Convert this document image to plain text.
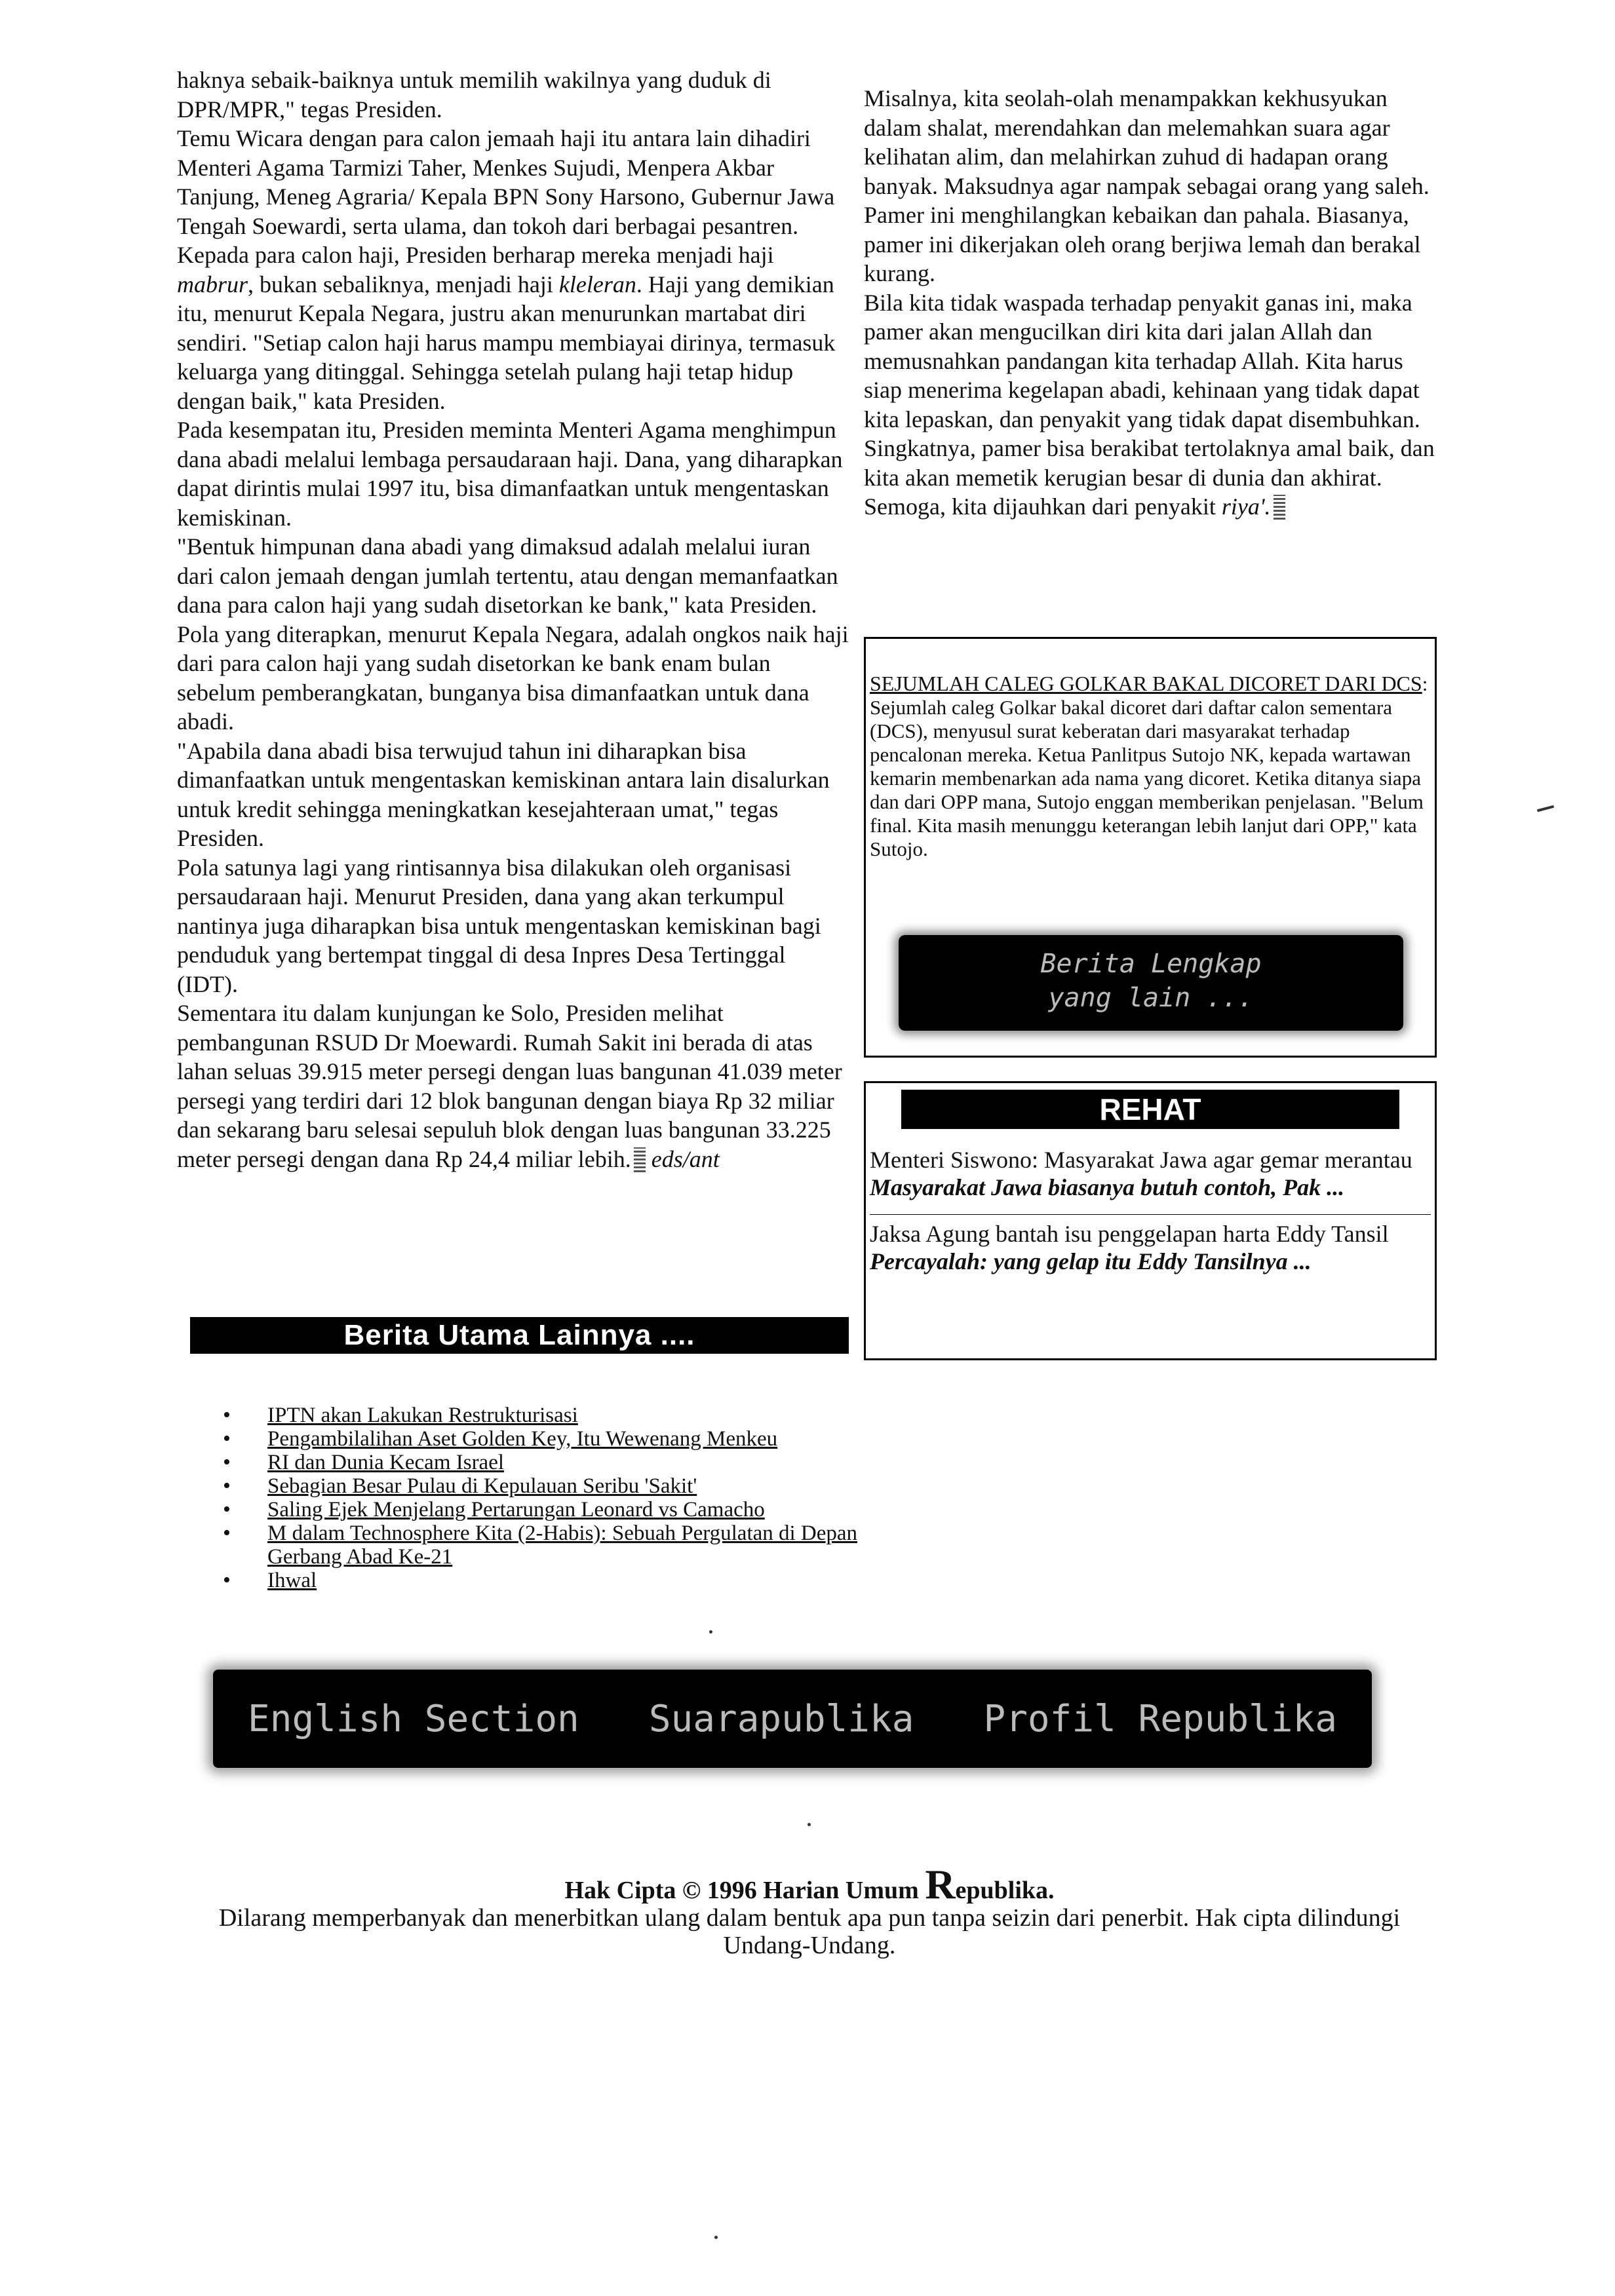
haknya sebaik-baiknya untuk memilih wakilnya yang duduk di DPR/MPR," tegas Presiden.

Temu Wicara dengan para calon jemaah haji itu antara lain dihadiri Menteri Agama Tarmizi Taher, Menkes Sujudi, Menpera Akbar Tanjung, Meneg Agraria/ Kepala BPN Sony Harsono, Gubernur Jawa Tengah Soewardi, serta ulama, dan tokoh dari berbagai pesantren.

Kepada para calon haji, Presiden berharap mereka menjadi haji mabrur, bukan sebaliknya, menjadi haji kleleran. Haji yang demikian itu, menurut Kepala Negara, justru akan menurunkan martabat diri sendiri. "Setiap calon haji harus mampu membiayai dirinya, termasuk keluarga yang ditinggal. Sehingga setelah pulang haji tetap hidup dengan baik," kata Presiden.

Pada kesempatan itu, Presiden meminta Menteri Agama menghimpun dana abadi melalui lembaga persaudaraan haji. Dana, yang diharapkan dapat dirintis mulai 1997 itu, bisa dimanfaatkan untuk mengentaskan kemiskinan.

"Bentuk himpunan dana abadi yang dimaksud adalah melalui iuran dari calon jemaah dengan jumlah tertentu, atau dengan memanfaatkan dana para calon haji yang sudah disetorkan ke bank," kata Presiden.

Pola yang diterapkan, menurut Kepala Negara, adalah ongkos naik haji dari para calon haji yang sudah disetorkan ke bank enam bulan sebelum pemberangkatan, bunganya bisa dimanfaatkan untuk dana abadi.

"Apabila dana abadi bisa terwujud tahun ini diharapkan bisa dimanfaatkan untuk mengentaskan kemiskinan antara lain disalurkan untuk kredit sehingga meningkatkan kesejahteraan umat," tegas Presiden.

Pola satunya lagi yang rintisannya bisa dilakukan oleh organisasi persaudaraan haji. Menurut Presiden, dana yang akan terkumpul nantinya juga diharapkan bisa untuk mengentaskan kemiskinan bagi penduduk yang bertempat tinggal di desa Inpres Desa Tertinggal (IDT).

Sementara itu dalam kunjungan ke Solo, Presiden melihat pembangunan RSUD Dr Moewardi. Rumah Sakit ini berada di atas lahan seluas 39.915 meter persegi dengan luas bangunan 41.039 meter persegi yang terdiri dari 12 blok bangunan dengan biaya Rp 32 miliar dan sekarang baru selesai sepuluh blok dengan luas bangunan 33.225 meter persegi dengan dana Rp 24,4 miliar lebih. eds/ant

Misalnya, kita seolah-olah menampakkan kekhusyukan dalam shalat, merendahkan dan melemahkan suara agar kelihatan alim, dan melahirkan zuhud di hadapan orang banyak. Maksudnya agar nampak sebagai orang yang saleh. Pamer ini menghilangkan kebaikan dan pahala. Biasanya, pamer ini dikerjakan oleh orang berjiwa lemah dan berakal kurang.

Bila kita tidak waspada terhadap penyakit ganas ini, maka pamer akan mengucilkan diri kita dari jalan Allah dan memusnahkan pandangan kita terhadap Allah. Kita harus siap menerima kegelapan abadi, kehinaan yang tidak dapat kita lepaskan, dan penyakit yang tidak dapat disembuhkan. Singkatnya, pamer bisa berakibat tertolaknya amal baik, dan kita akan memetik kerugian besar di dunia dan akhirat. Semoga, kita dijauhkan dari penyakit riya'.

SEJUMLAH CALEG GOLKAR BAKAL DICORET DARI DCS: Sejumlah caleg Golkar bakal dicoret dari daftar calon sementara (DCS), menyusul surat keberatan dari masyarakat terhadap pencalonan mereka. Ketua Panlitpus Sutojo NK, kepada wartawan kemarin membenarkan ada nama yang dicoret. Ketika ditanya siapa dan dari OPP mana, Sutojo enggan memberikan penjelasan. "Belum final. Kita masih menunggu keterangan lebih lanjut dari OPP," kata Sutojo.
Berita Lengkap
yang lain ...
REHAT
Menteri Siswono: Masyarakat Jawa agar gemar merantau
Masyarakat Jawa biasanya butuh contoh, Pak ...
Jaksa Agung bantah isu penggelapan harta Eddy Tansil
Percayalah: yang gelap itu Eddy Tansilnya ...
Berita Utama Lainnya ....
• IPTN akan Lakukan Restrukturisasi
• Pengambilalihan Aset Golden Key, Itu Wewenang Menkeu
• RI dan Dunia Kecam Israel
• Sebagian Besar Pulau di Kepulauan Seribu 'Sakit'
• Saling Ejek Menjelang Pertarungan Leonard vs Camacho
• M dalam Technosphere Kita (2-Habis): Sebuah Pergulatan di Depan Gerbang Abad Ke-21
• Ihwal
English Section Suarapublika Profil Republika
Hak Cipta © 1996 Harian Umum Republika.
Dilarang memperbanyak dan menerbitkan ulang dalam bentuk apa pun tanpa seizin dari penerbit. Hak cipta dilindungi Undang-Undang.
